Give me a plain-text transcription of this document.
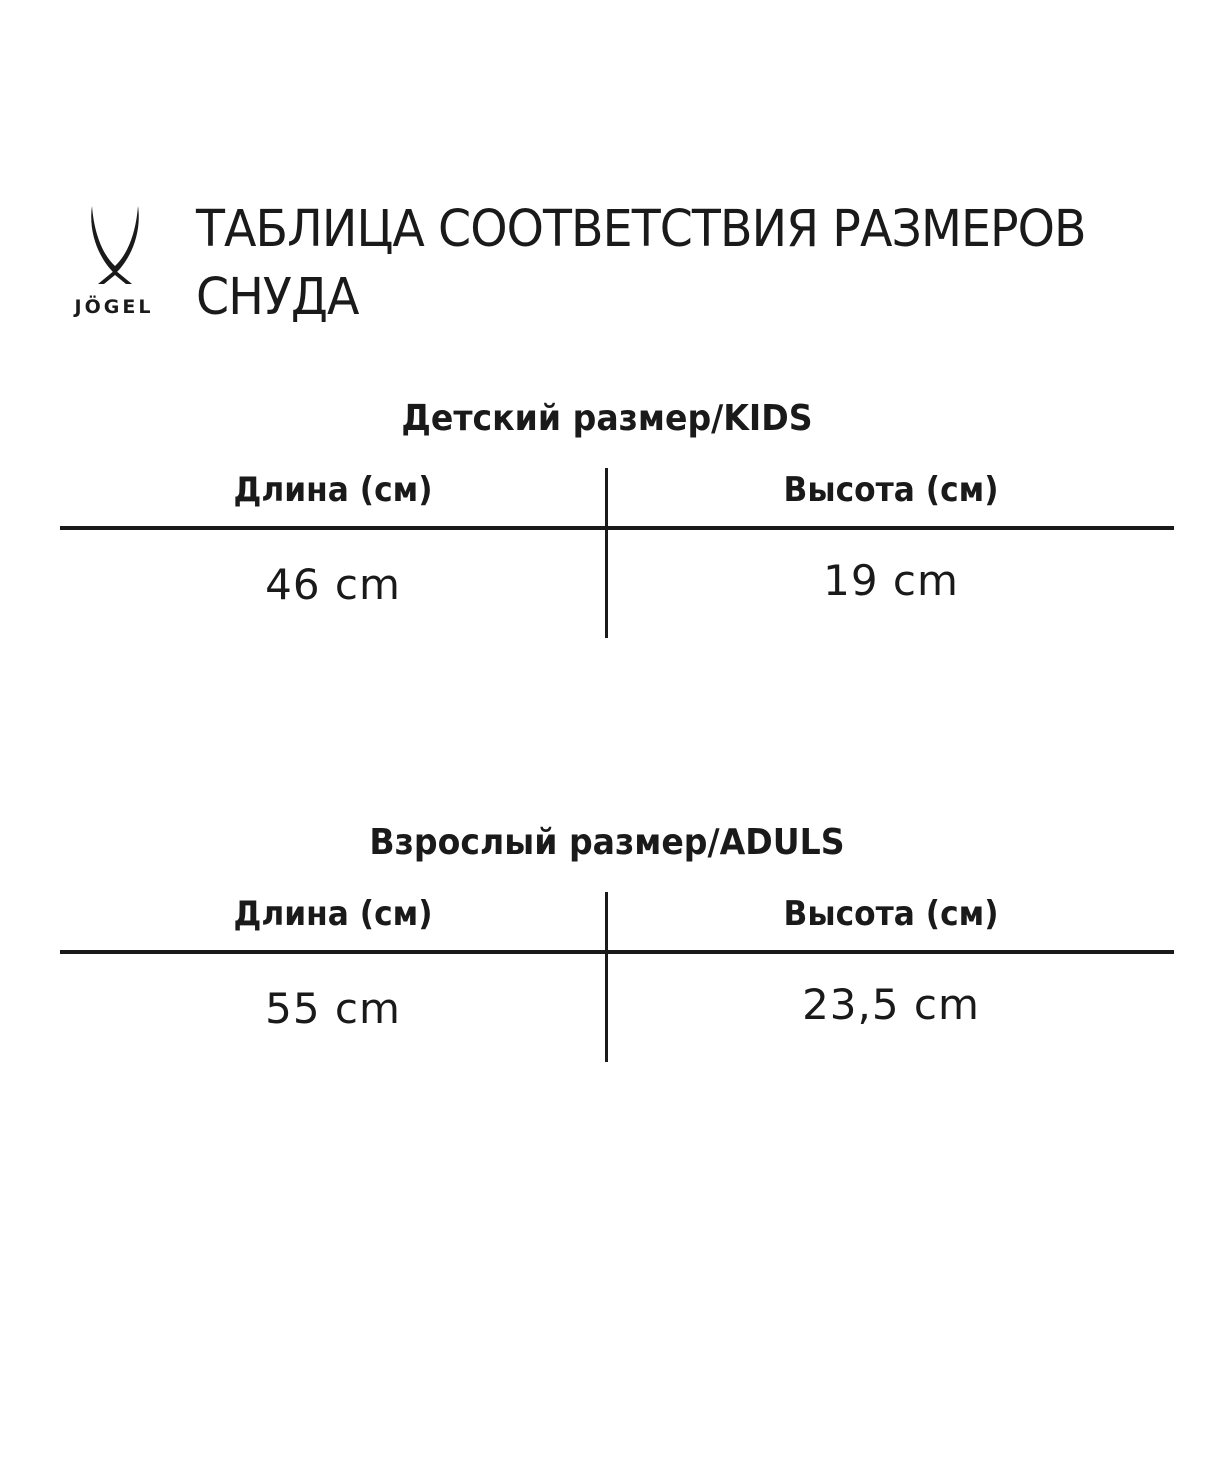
JÖGEL
ТАБЛИЦА СООТВЕТСТВИЯ РАЗМЕРОВ
СНУДА
Детский размер/KIDS
Длина (см)	Высота (см)
46 cm	19 cm
Взрослый размер/ADULS
Длина (см)	Высота (см)
55 cm	23,5 cm
